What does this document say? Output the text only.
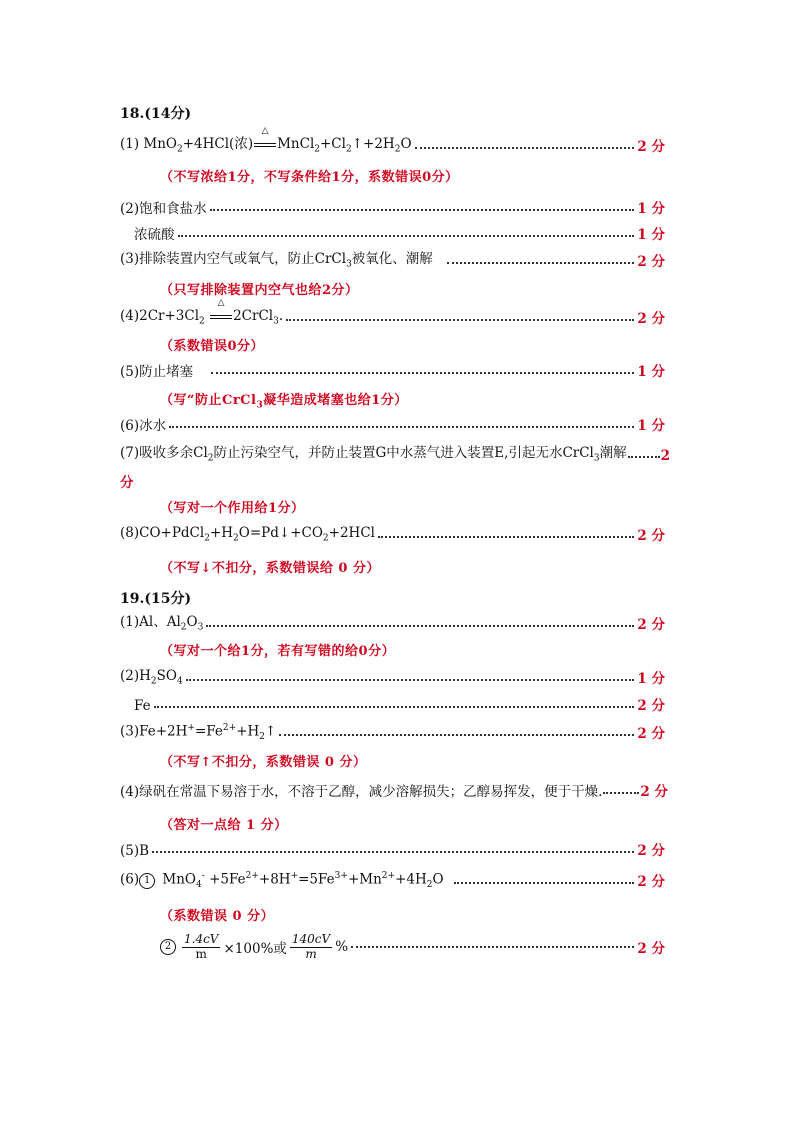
18.(14分)
(1) MnO$_2$+4HCl(浓)
△
$MnCl_2+Cl_2↑+2H_2O$	2 分
（不写浓给1分，不写条件给1分，系数错误0分）
(2)饱和食盐水	1 分
浓硫酸	1 分
(3)排除装置内空气或氧气，防止CrCl$_3$被氧化、潮解	2 分
（只写排除装置内空气也给2分）
$(4)2Cr+3Cl_2$
△
2CrCl$_3$.	2 分
（系数错误0分）
(5)防止堵塞	1 分
（写“防止CrCl$_3$凝华造成堵塞也给1分）
(6)冰水	1 分
(7)吸收多余$Cl_2$防止污染空气，并防止装置G中水蒸气进入装置E,引起无水CrCl$_3$潮解	2
分
（写对一个作用给1分）
$(8)CO+PdCl_2+H_2O=Pd↓+CO_2+2HCl$	2 分
（不写↓不扣分，系数错误给 0 分）
19.(15分)
(1)Al、$Al_2O_3$	2 分
（写对一个给1分，若有写错的给0分）
$(2)H_2SO_4$	1 分
Fe	2 分
$(3)Fe+2H^+=Fe^{2+}+H_2↑$	2 分
（不写↑不扣分，系数错误 0 分）
(4)绿矾在常温下易溶于水，不溶于乙醇，减少溶解损失；乙醇易挥发，便于干燥.	2 分
（答对一点给 1 分）
(5)B	2 分
(6) 1 $MnO_4^- +5Fe^{2+}+8H^+=5Fe^{3+}+Mn^{2+}+4H_2O$	2 分
（系数错误 0 分）
$2 \frac{1.4cV}{m} \times 100\%$或 $\frac{140cV}{m}$ %	2 分
